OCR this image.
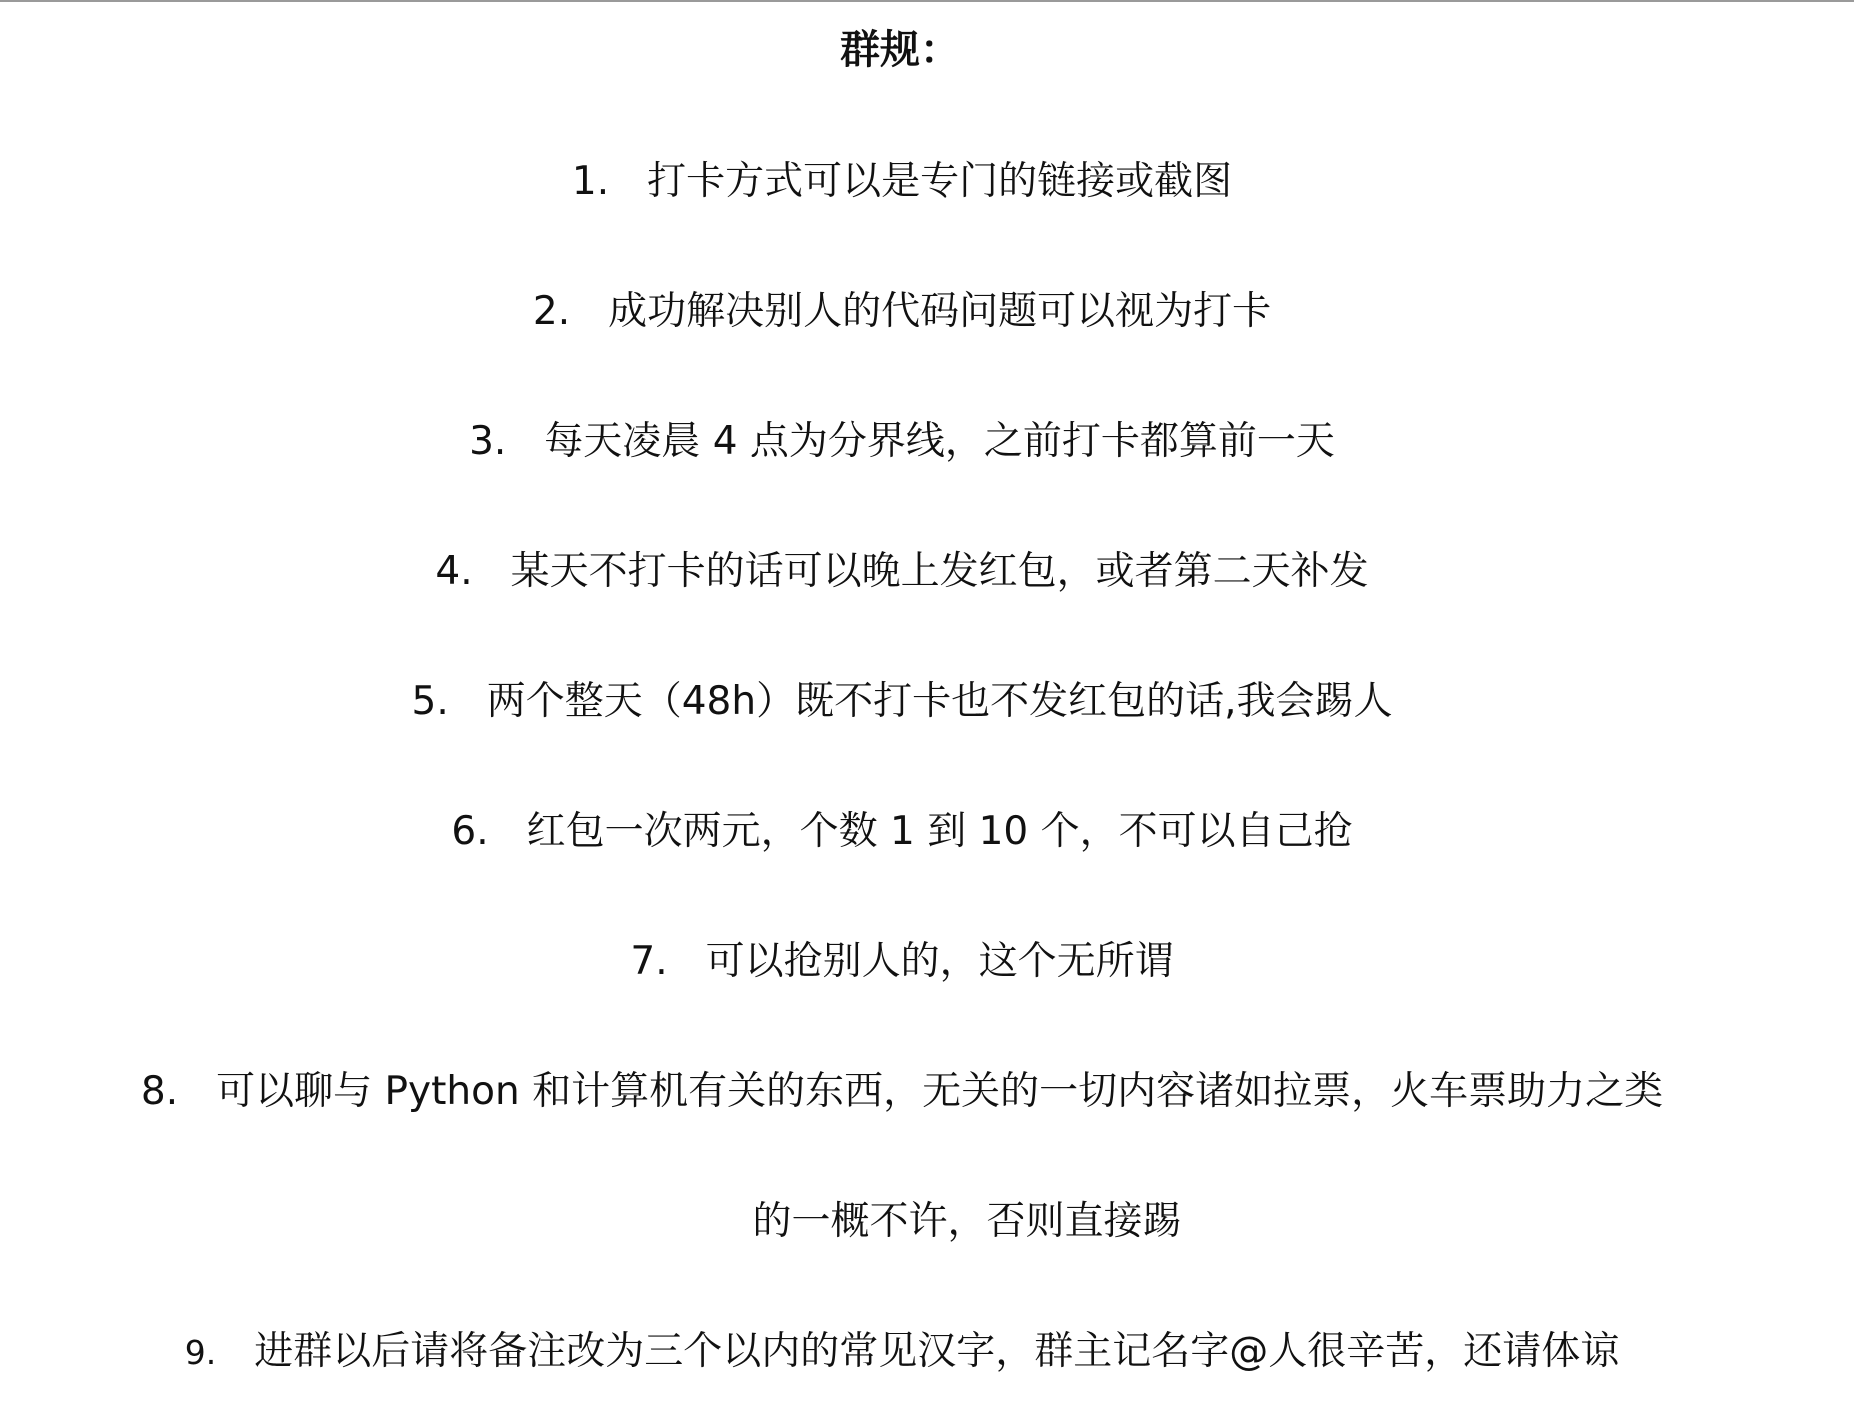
群规：
1. 打卡方式可以是专门的链接或截图
2. 成功解决别人的代码问题可以视为打卡
3. 每天凌晨 4 点为分界线，之前打卡都算前一天
4. 某天不打卡的话可以晚上发红包，或者第二天补发
5. 两个整天（48h）既不打卡也不发红包的话,我会踢人
6. 红包一次两元，个数 1 到 10 个，不可以自己抢
7. 可以抢别人的，这个无所谓
8. 可以聊与 Python 和计算机有关的东西，无关的一切内容诸如拉票，火车票助力之类
的一概不许，否则直接踢
9. 进群以后请将备注改为三个以内的常见汉字，群主记名字@人很辛苦，还请体谅
